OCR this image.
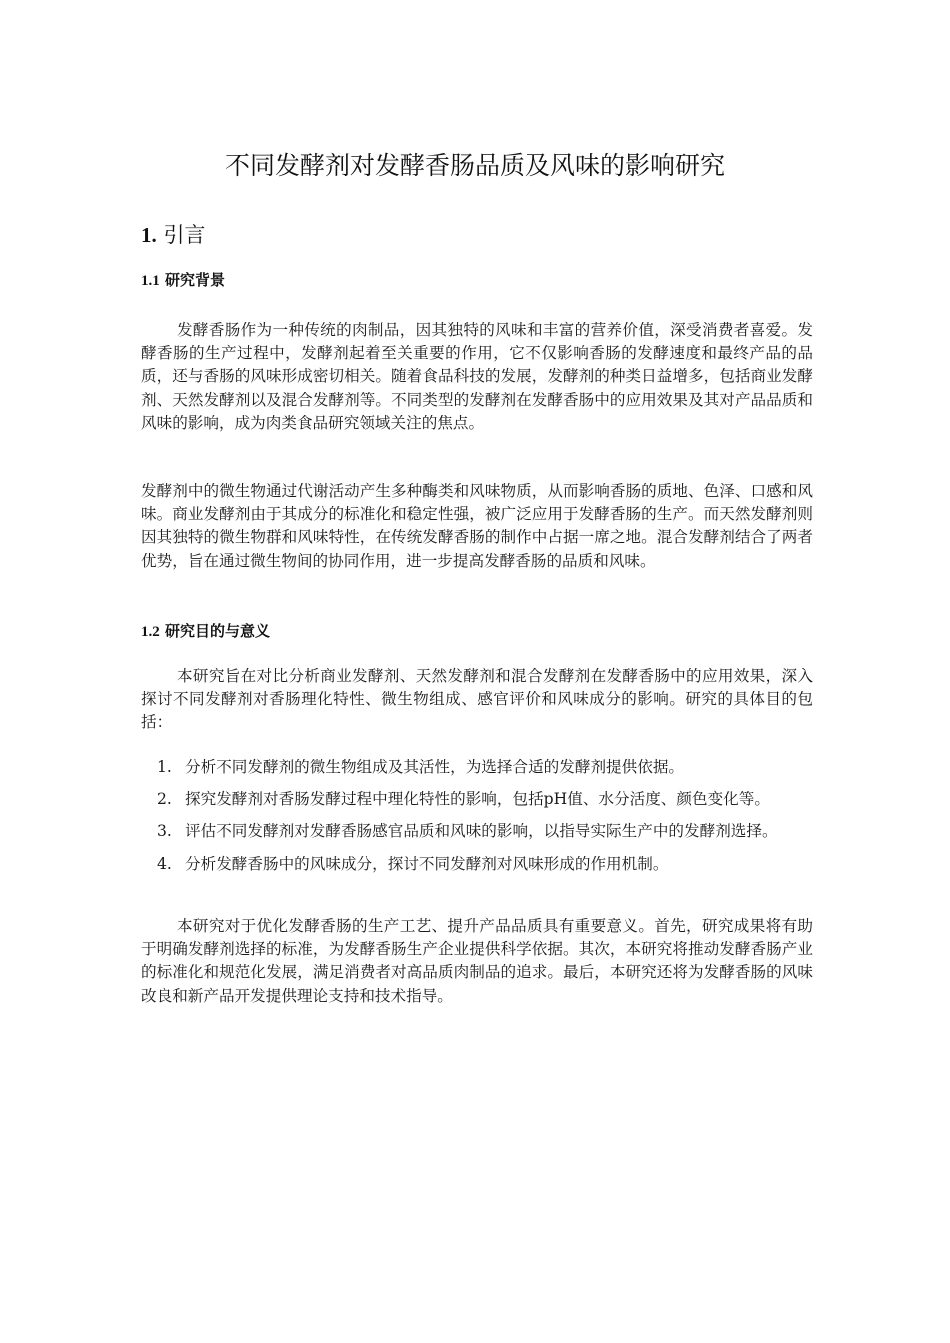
不同发酵剂对发酵香肠品质及风味的影响研究
1. 引言
1.1 研究背景

发酵香肠作为一种传统的肉制品，因其独特的风味和丰富的营养价值，深受消费者喜爱。发酵香肠的生产过程中，发酵剂起着至关重要的作用，它不仅影响香肠的发酵速度和最终产品的品质，还与香肠的风味形成密切相关。随着食品科技的发展，发酵剂的种类日益增多，包括商业发酵剂、天然发酵剂以及混合发酵剂等。不同类型的发酵剂在发酵香肠中的应用效果及其对产品品质和风味的影响，成为肉类食品研究领域关注的焦点。

发酵剂中的微生物通过代谢活动产生多种酶类和风味物质，从而影响香肠的质地、色泽、口感和风味。商业发酵剂由于其成分的标准化和稳定性强，被广泛应用于发酵香肠的生产。而天然发酵剂则因其独特的微生物群和风味特性，在传统发酵香肠的制作中占据一席之地。混合发酵剂结合了两者优势，旨在通过微生物间的协同作用，进一步提高发酵香肠的品质和风味。

1.2 研究目的与意义

本研究旨在对比分析商业发酵剂、天然发酵剂和混合发酵剂在发酵香肠中的应用效果，深入探讨不同发酵剂对香肠理化特性、微生物组成、感官评价和风味成分的影响。研究的具体目的包括：

1. 分析不同发酵剂的微生物组成及其活性，为选择合适的发酵剂提供依据。
2. 探究发酵剂对香肠发酵过程中理化特性的影响，包括pH值、水分活度、颜色变化等。
3. 评估不同发酵剂对发酵香肠感官品质和风味的影响，以指导实际生产中的发酵剂选择。
4. 分析发酵香肠中的风味成分，探讨不同发酵剂对风味形成的作用机制。

本研究对于优化发酵香肠的生产工艺、提升产品品质具有重要意义。首先，研究成果将有助于明确发酵剂选择的标准，为发酵香肠生产企业提供科学依据。其次，本研究将推动发酵香肠产业的标准化和规范化发展，满足消费者对高品质肉制品的追求。最后，本研究还将为发酵香肠的风味改良和新产品开发提供理论支持和技术指导。
